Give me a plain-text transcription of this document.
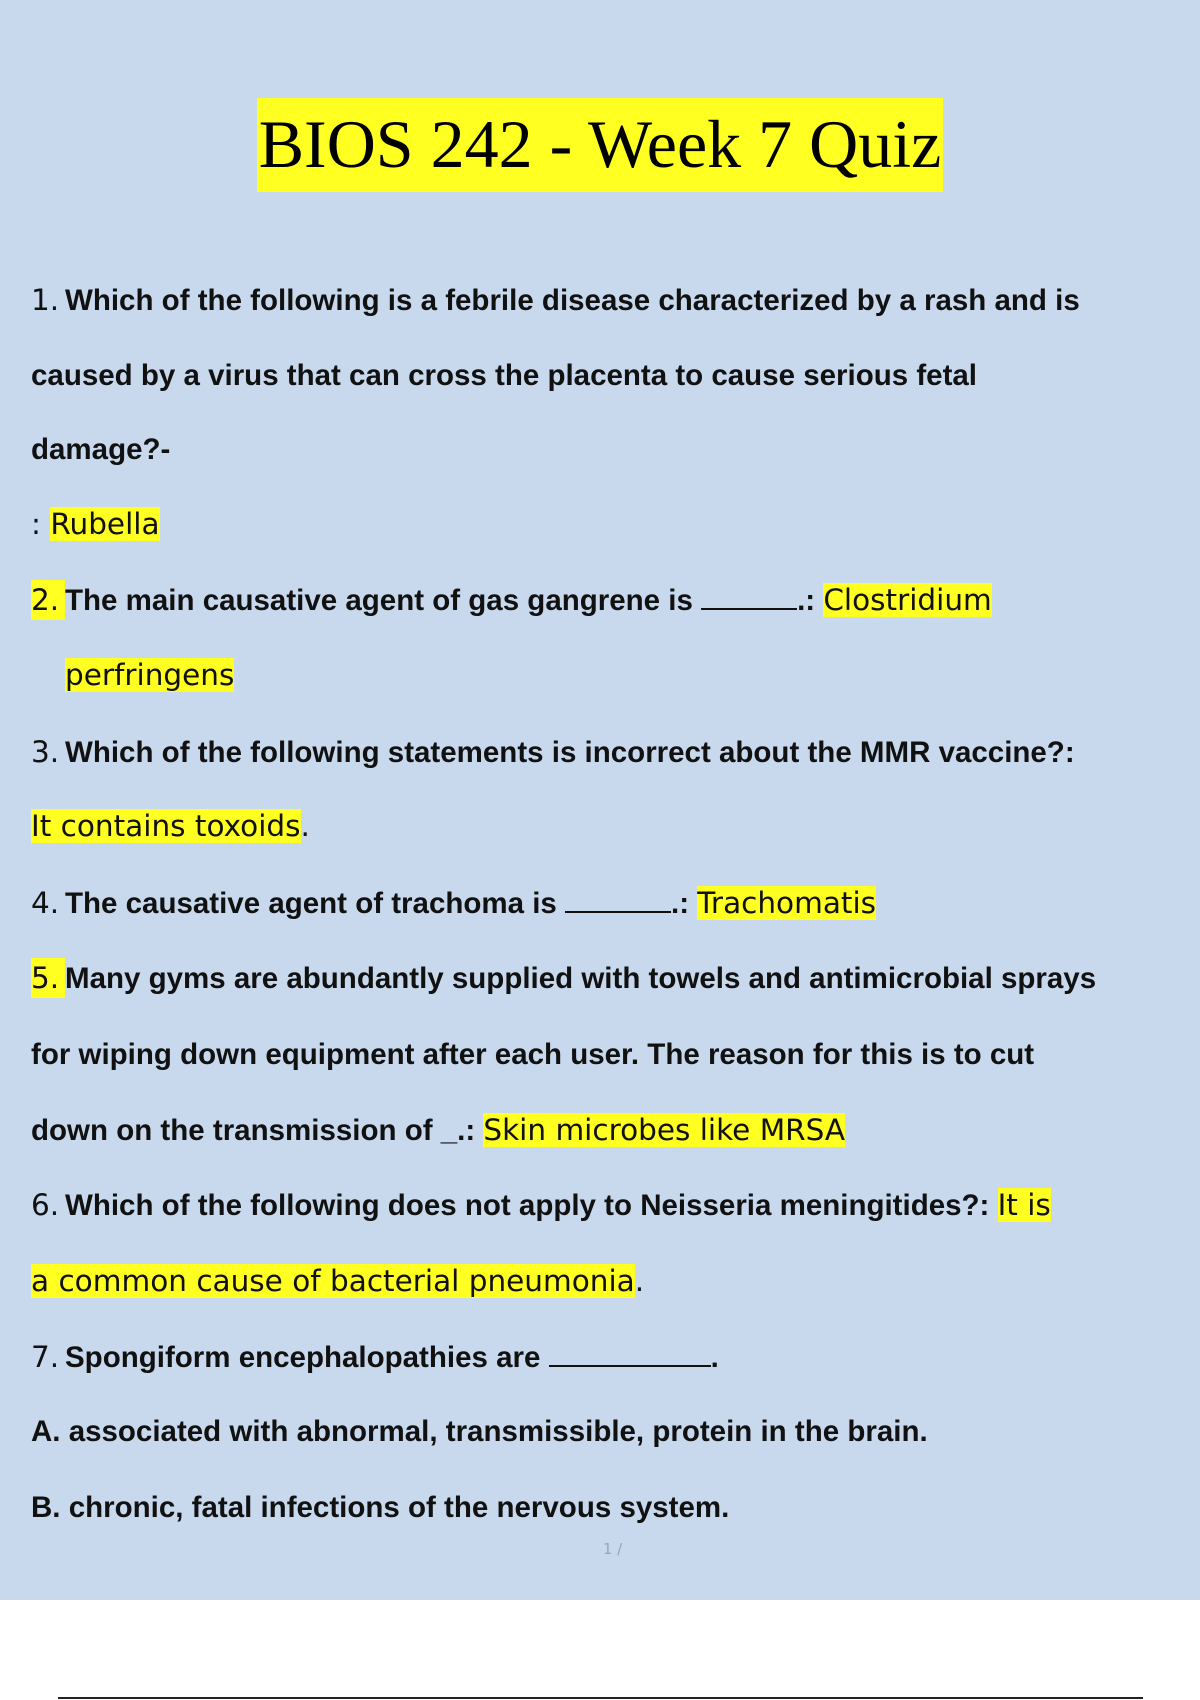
BIOS 242 - Week 7 Quiz
1. Which of the following is a febrile disease characterized by a rash and is
caused by a virus that can cross the placenta to cause serious fetal
damage?-
: Rubella
2. The main causative agent of gas gangrene is	.: Clostridium
perfringens
3. Which of the following statements is incorrect about the MMR vaccine?:
It contains toxoids.
4. The causative agent of trachoma is	.: Trachomatis
5. Many gyms are abundantly supplied with towels and antimicrobial sprays
for wiping down equipment after each user. The reason for this is to cut
down on the transmission of _.: Skin microbes like MRSA
6. Which of the following does not apply to Neisseria meningitides?: It is
a common cause of bacterial pneumonia.
7. Spongiform encephalopathies are	.
A. associated with abnormal, transmissible, protein in the brain.
B. chronic, fatal infections of the nervous system.
1 /
